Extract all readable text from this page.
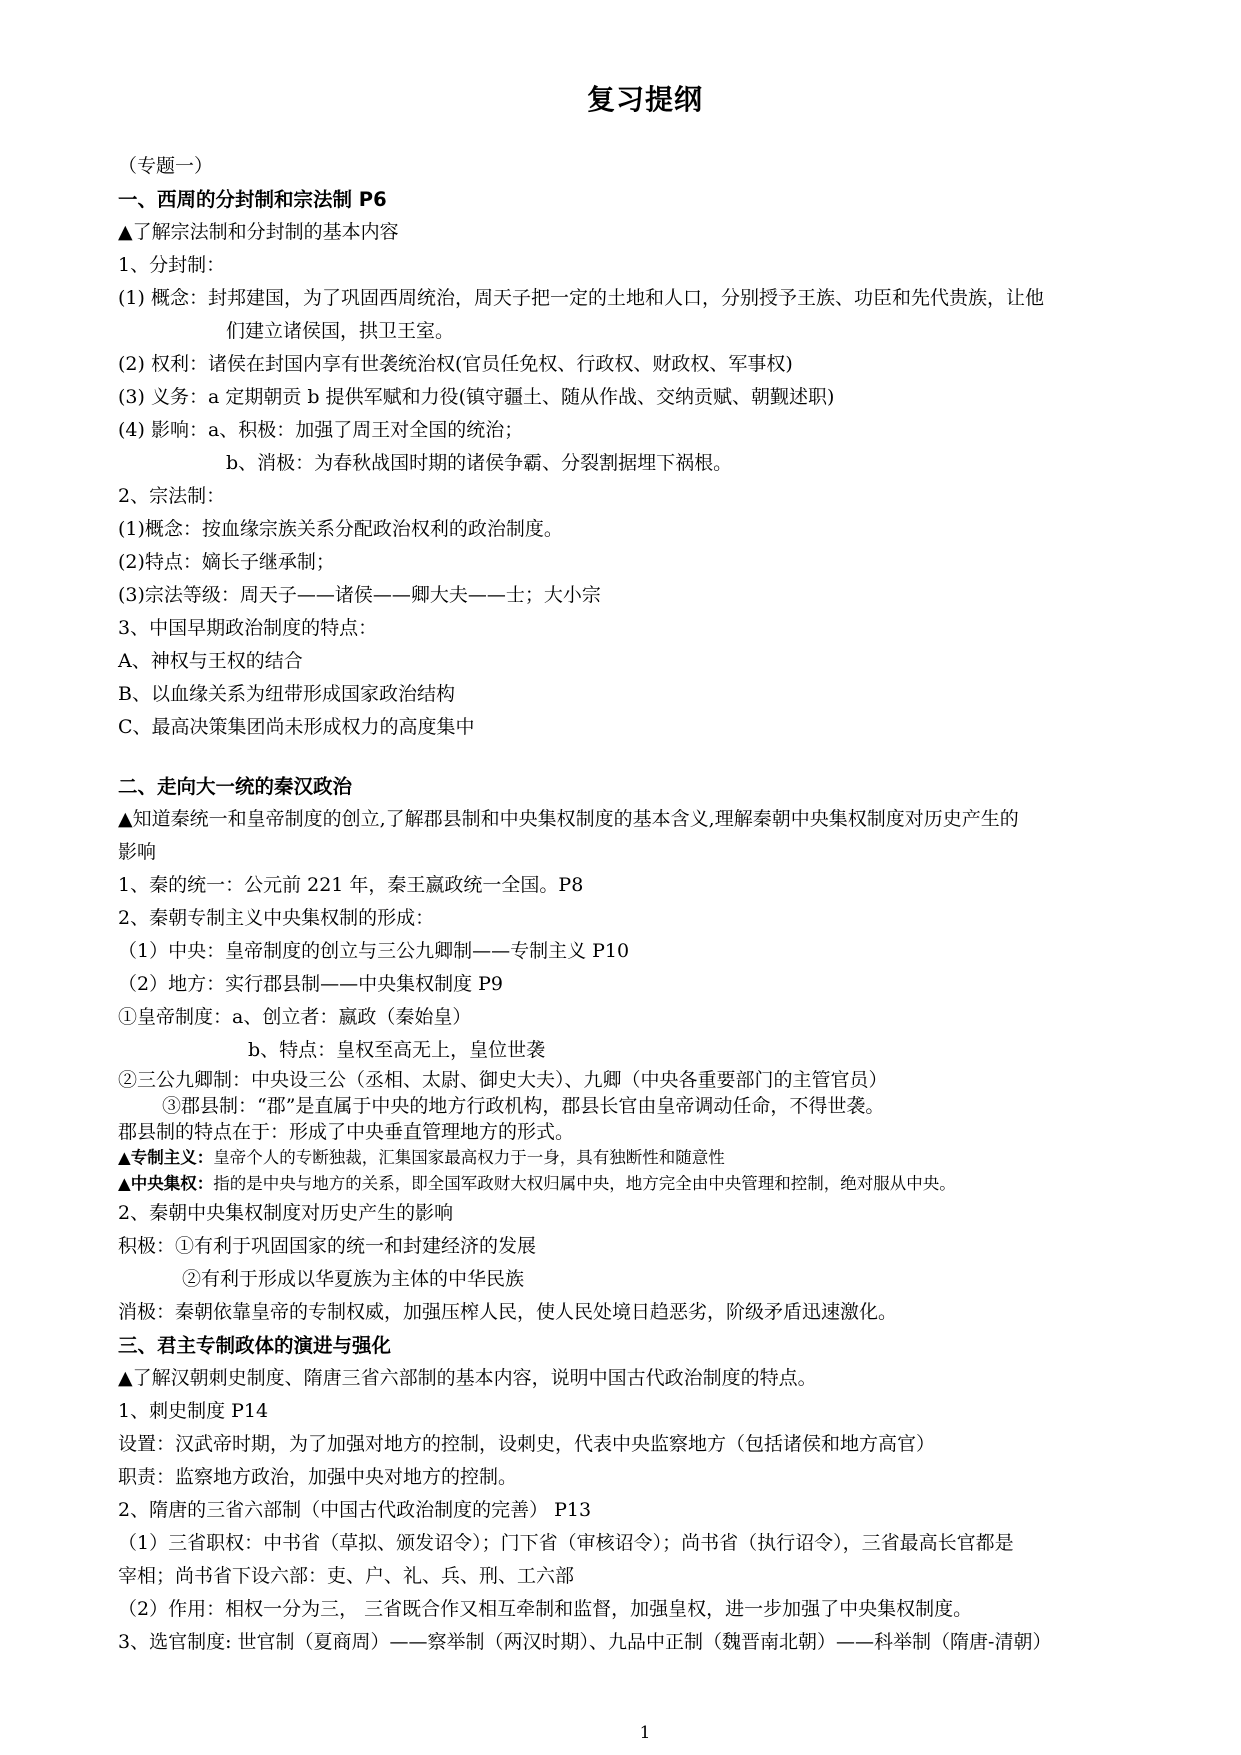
复习提纲
（专题一）
一、西周的分封制和宗法制 P6
▲了解宗法制和分封制的基本内容
1、分封制：
(1) 概念：封邦建国，为了巩固西周统治，周天子把一定的土地和人口，分别授予王族、功臣和先代贵族，让他
们建立诸侯国，拱卫王室。
(2) 权利：诸侯在封国内享有世袭统治权(官员任免权、行政权、财政权、军事权)
(3) 义务：a 定期朝贡 b 提供军赋和力役(镇守疆土、随从作战、交纳贡赋、朝觐述职)
(4) 影响：a、积极：加强了周王对全国的统治；
b、消极：为春秋战国时期的诸侯争霸、分裂割据埋下祸根。
2、宗法制：
(1)概念：按血缘宗族关系分配政治权利的政治制度。
(2)特点：嫡长子继承制；
(3)宗法等级：周天子——诸侯——卿大夫——士；大小宗
3、中国早期政治制度的特点：
A、神权与王权的结合
B、以血缘关系为纽带形成国家政治结构
C、最高决策集团尚未形成权力的高度集中
二、走向大一统的秦汉政治
▲知道秦统一和皇帝制度的创立,了解郡县制和中央集权制度的基本含义,理解秦朝中央集权制度对历史产生的
影响
1、秦的统一：公元前 221 年，秦王嬴政统一全国。P8
2、秦朝专制主义中央集权制的形成：
（1）中央：皇帝制度的创立与三公九卿制——专制主义 P10
（2）地方：实行郡县制——中央集权制度 P9
①皇帝制度：a、创立者：嬴政（秦始皇）
b、特点：皇权至高无上，皇位世袭
②三公九卿制：中央设三公（丞相、太尉、御史大夫）、九卿（中央各重要部门的主管官员）
③郡县制：“郡”是直属于中央的地方行政机构，郡县长官由皇帝调动任命，不得世袭。
郡县制的特点在于：形成了中央垂直管理地方的形式。
▲专制主义：皇帝个人的专断独裁，汇集国家最高权力于一身，具有独断性和随意性
▲中央集权：指的是中央与地方的关系，即全国军政财大权归属中央，地方完全由中央管理和控制，绝对服从中央。
2、秦朝中央集权制度对历史产生的影响
积极：①有利于巩固国家的统一和封建经济的发展
②有利于形成以华夏族为主体的中华民族
消极：秦朝依靠皇帝的专制权威，加强压榨人民，使人民处境日趋恶劣，阶级矛盾迅速激化。
三、君主专制政体的演进与强化
▲了解汉朝刺史制度、隋唐三省六部制的基本内容，说明中国古代政治制度的特点。
1、刺史制度 P14
设置：汉武帝时期，为了加强对地方的控制，设刺史，代表中央监察地方（包括诸侯和地方高官）
职责：监察地方政治，加强中央对地方的控制。
2、隋唐的三省六部制（中国古代政治制度的完善） P13
（1）三省职权：中书省（草拟、颁发诏令）；门下省（审核诏令）；尚书省（执行诏令），三省最高长官都是
宰相；尚书省下设六部：吏、户、礼、兵、刑、工六部
（2）作用：相权一分为三， 三省既合作又相互牵制和监督，加强皇权，进一步加强了中央集权制度。
3、选官制度: 世官制（夏商周）——察举制（两汉时期）、九品中正制（魏晋南北朝）——科举制（隋唐-清朝）
1
